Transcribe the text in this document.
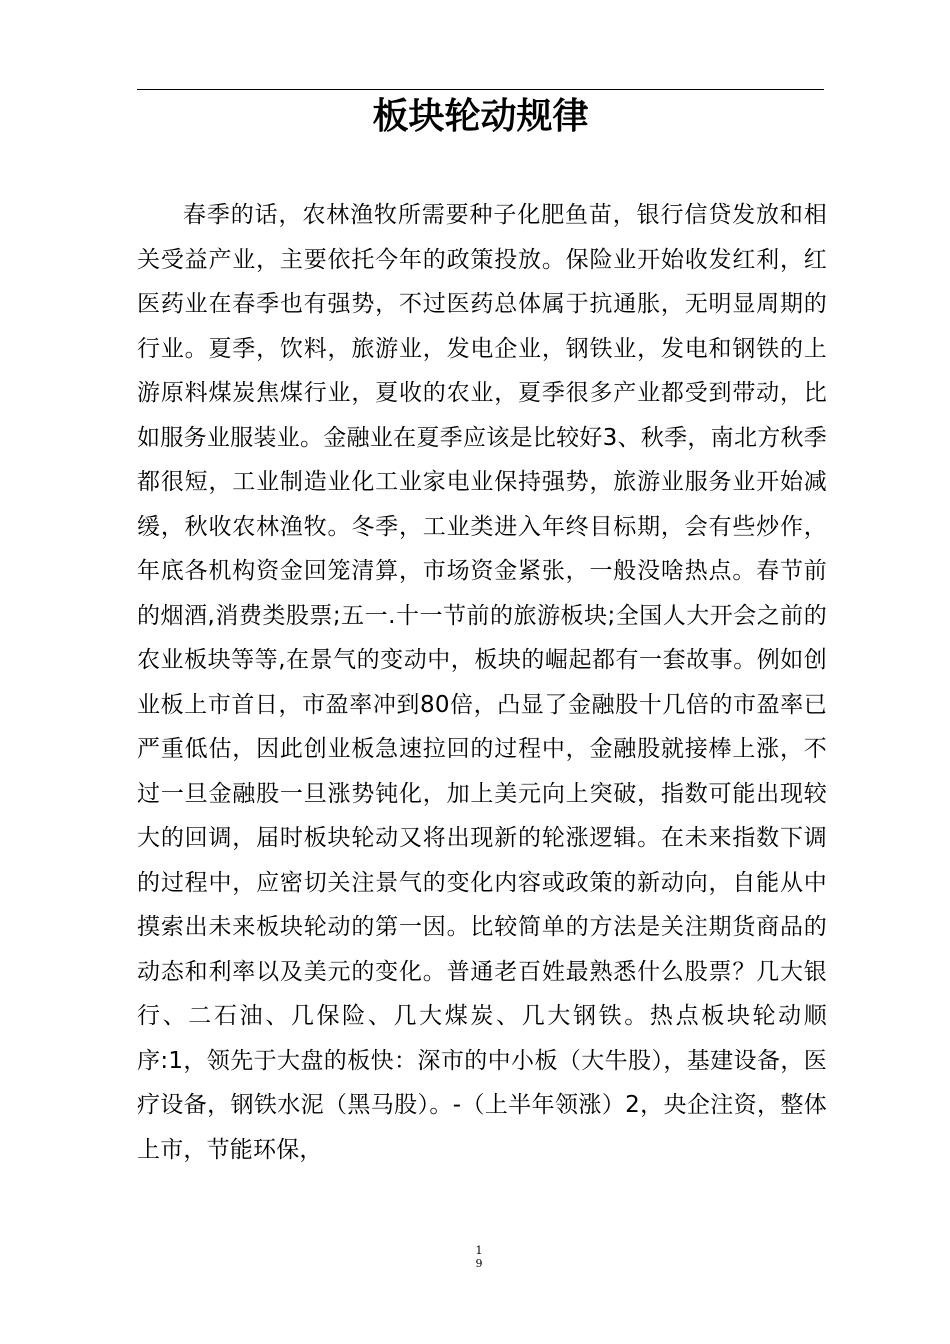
板块轮动规律

春季的话，农林渔牧所需要种子化肥鱼苗，银行信贷发放和相关受益产业，主要依托今年的政策投放。保险业开始收发红利，红医药业在春季也有强势，不过医药总体属于抗通胀，无明显周期的行业。夏季，饮料，旅游业，发电企业，钢铁业，发电和钢铁的上游原料煤炭焦煤行业，夏收的农业，夏季很多产业都受到带动，比如服务业服装业。金融业在夏季应该是比较好3、秋季，南北方秋季都很短，工业制造业化工业家电业保持强势，旅游业服务业开始减缓，秋收农林渔牧。冬季，工业类进入年终目标期，会有些炒作，年底各机构资金回笼清算，市场资金紧张，一般没啥热点。春节前的烟酒,消费类股票;五一.十一节前的旅游板块;全国人大开会之前的农业板块等等,在景气的变动中，板块的崛起都有一套故事。例如创业板上市首日，市盈率冲到80倍，凸显了金融股十几倍的市盈率已严重低估，因此创业板急速拉回的过程中，金融股就接棒上涨，不过一旦金融股一旦涨势钝化，加上美元向上突破，指数可能出现较大的回调，届时板块轮动又将出现新的轮涨逻辑。在未来指数下调的过程中，应密切关注景气的变化内容或政策的新动向，自能从中摸索出未来板块轮动的第一因。比较简单的方法是关注期货商品的动态和利率以及美元的变化。普通老百姓最熟悉什么股票？几大银行、二石油、几保险、几大煤炭、几大钢铁。热点板块轮动顺序:1，领先于大盘的板快：深市的中小板（大牛股），基建设备，医疗设备，钢铁水泥（黑马股）。-（上半年领涨）2，央企注资，整体上市，节能环保，

1
9
